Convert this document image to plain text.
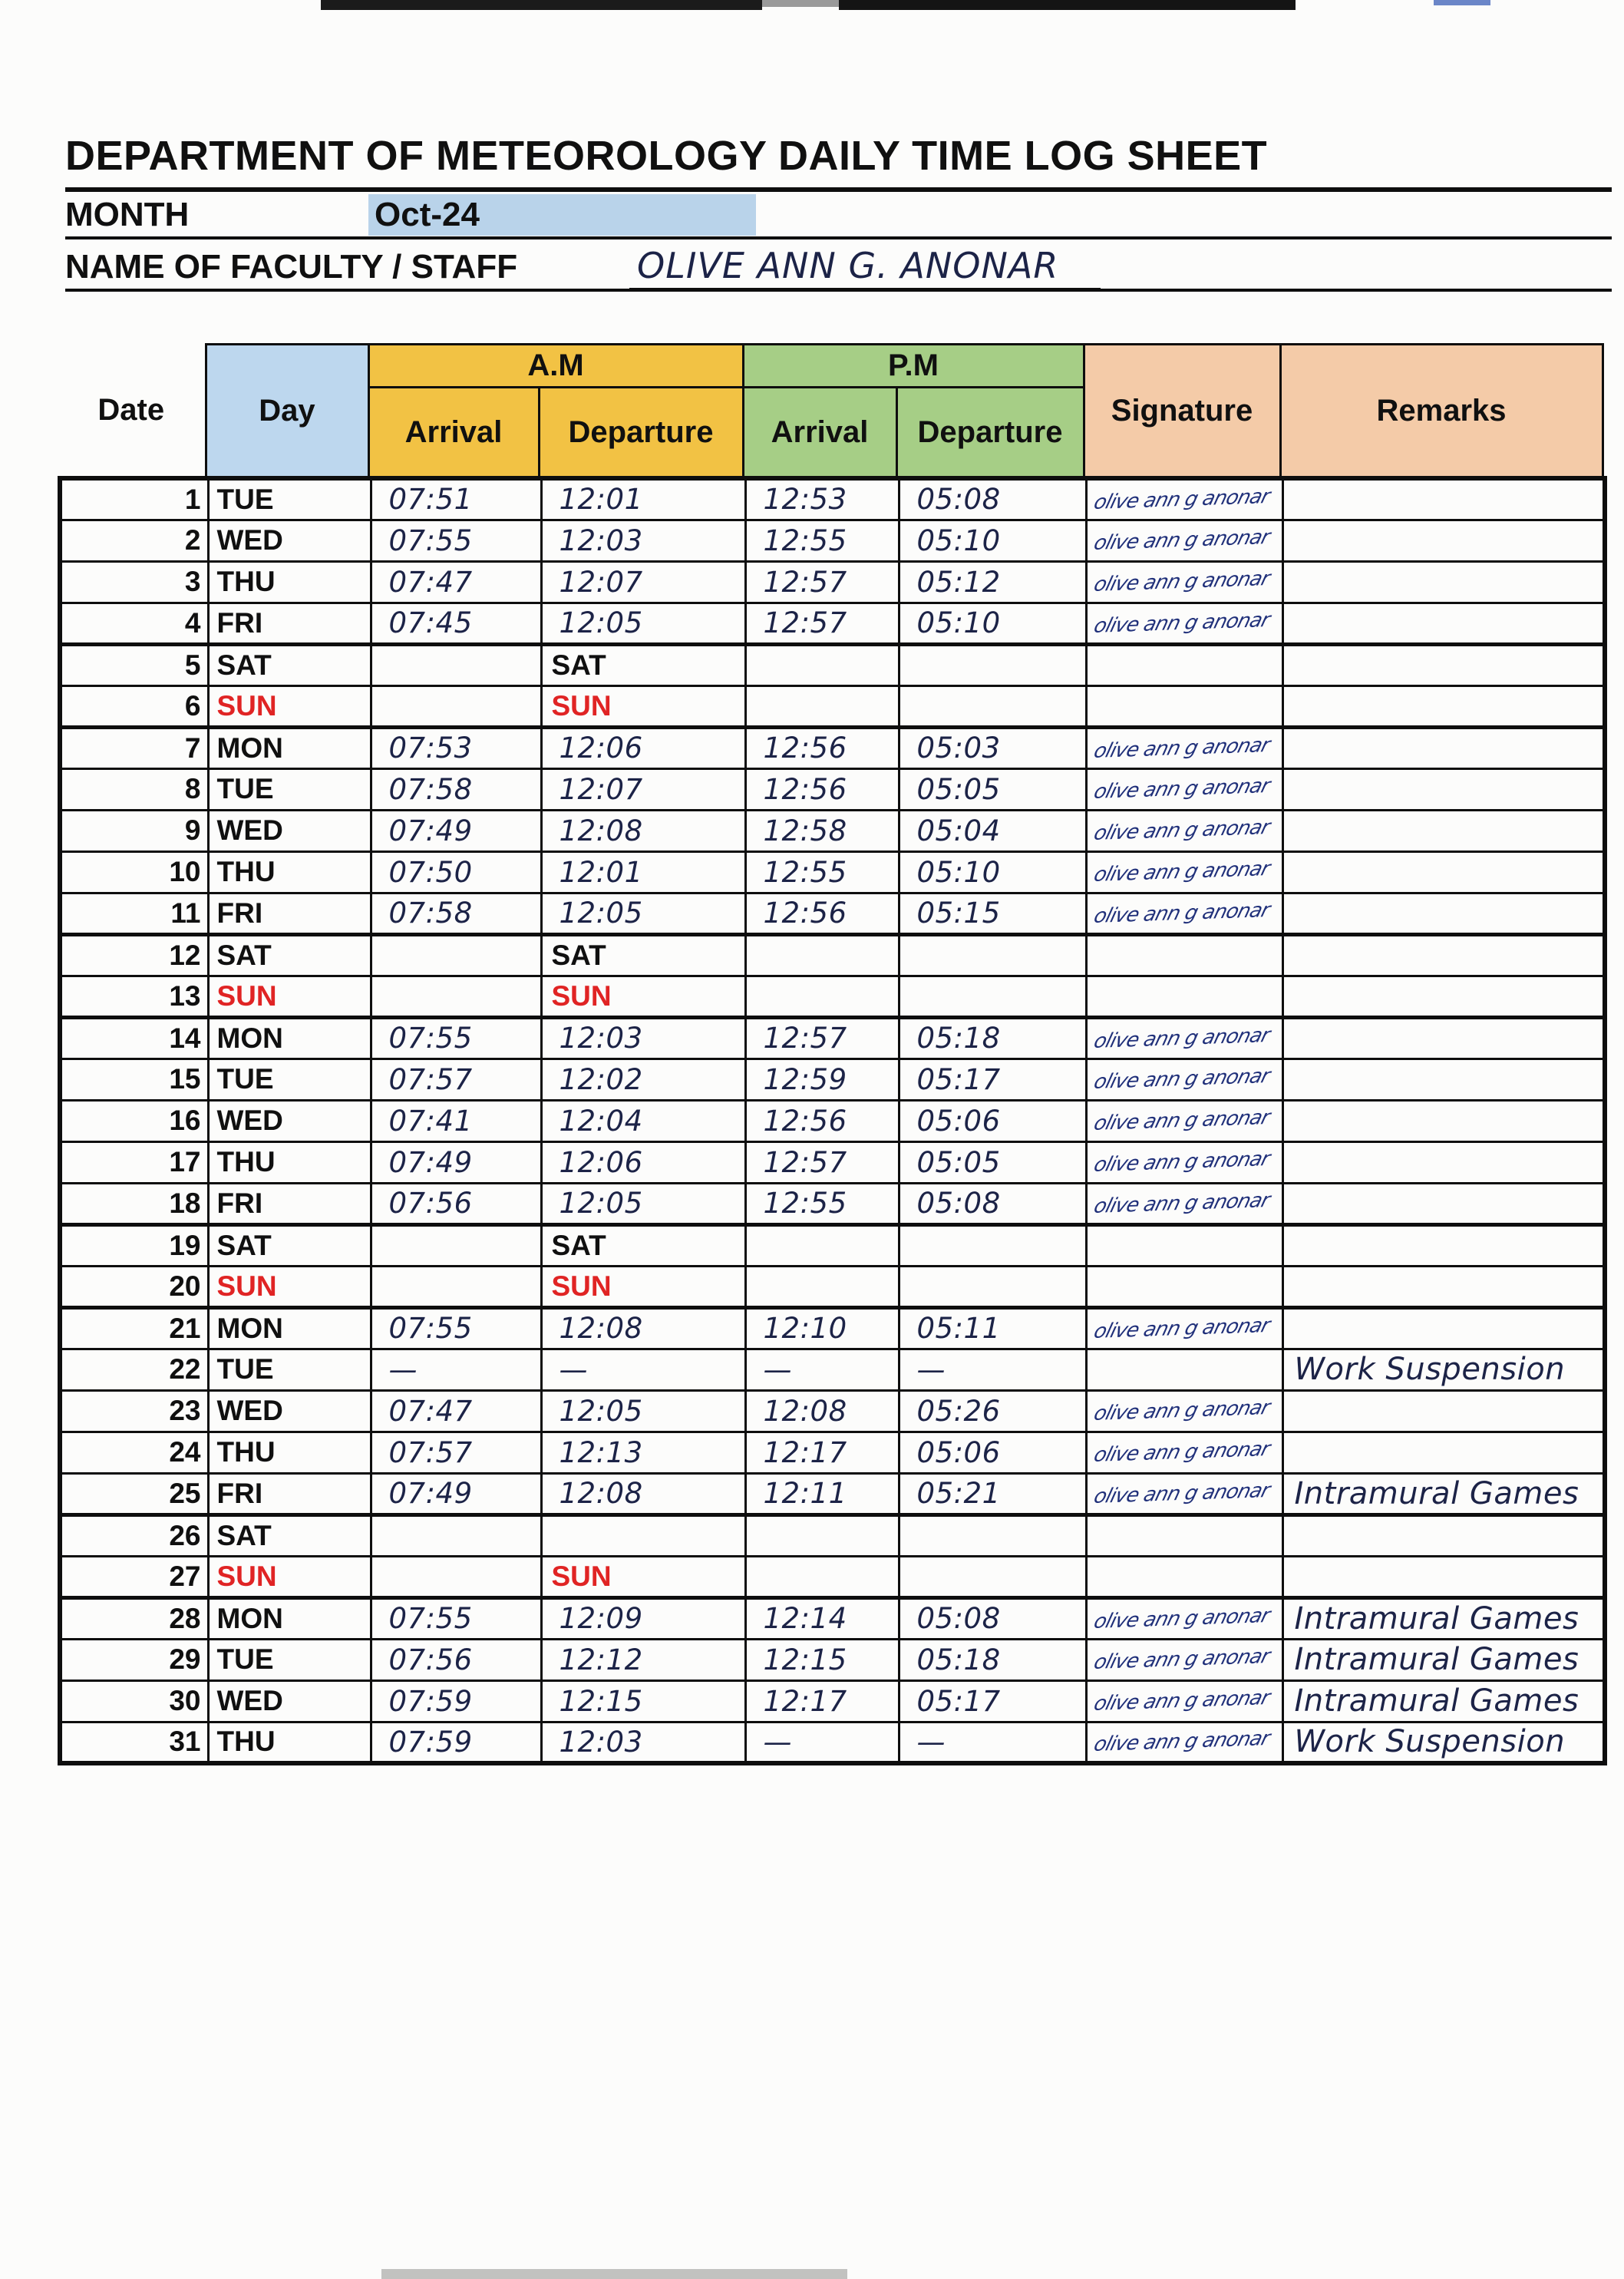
DEPARTMENT OF METEOROLOGY DAILY TIME LOG SHEET
MONTH	Oct-24
NAME OF FACULTY / STAFF	OLIVE ANN G. ANONAR
Date	Day	A.M		P.M		Signature	Remarks
		Arrival	Departure	Arrival	Departure		
1	TUE	07:51	12:01	12:53	05:08	olive ann g anonar	
2	WED	07:55	12:03	12:55	05:10	olive ann g anonar	
3	THU	07:47	12:07	12:57	05:12	olive ann g anonar	
4	FRI	07:45	12:05	12:57	05:10	olive ann g anonar	
5	SAT		SAT				
6	SUN		SUN				
7	MON	07:53	12:06	12:56	05:03	olive ann g anonar	
8	TUE	07:58	12:07	12:56	05:05	olive ann g anonar	
9	WED	07:49	12:08	12:58	05:04	olive ann g anonar	
10	THU	07:50	12:01	12:55	05:10	olive ann g anonar	
11	FRI	07:58	12:05	12:56	05:15	olive ann g anonar	
12	SAT		SAT				
13	SUN		SUN				
14	MON	07:55	12:03	12:57	05:18	olive ann g anonar	
15	TUE	07:57	12:02	12:59	05:17	olive ann g anonar	
16	WED	07:41	12:04	12:56	05:06	olive ann g anonar	
17	THU	07:49	12:06	12:57	05:05	olive ann g anonar	
18	FRI	07:56	12:05	12:55	05:08	olive ann g anonar	
19	SAT		SAT				
20	SUN		SUN				
21	MON	07:55	12:08	12:10	05:11	olive ann g anonar	
22	TUE	—	—	—	—		Work Suspension
23	WED	07:47	12:05	12:08	05:26	olive ann g anonar	
24	THU	07:57	12:13	12:17	05:06	olive ann g anonar	
25	FRI	07:49	12:08	12:11	05:21	olive ann g anonar	Intramural Games
26	SAT						
27	SUN		SUN				
28	MON	07:55	12:09	12:14	05:08	olive ann g anonar	Intramural Games
29	TUE	07:56	12:12	12:15	05:18	olive ann g anonar	Intramural Games
30	WED	07:59	12:15	12:17	05:17	olive ann g anonar	Intramural Games
31	THU	07:59	12:03	—	—	olive ann g anonar	Work Suspension
